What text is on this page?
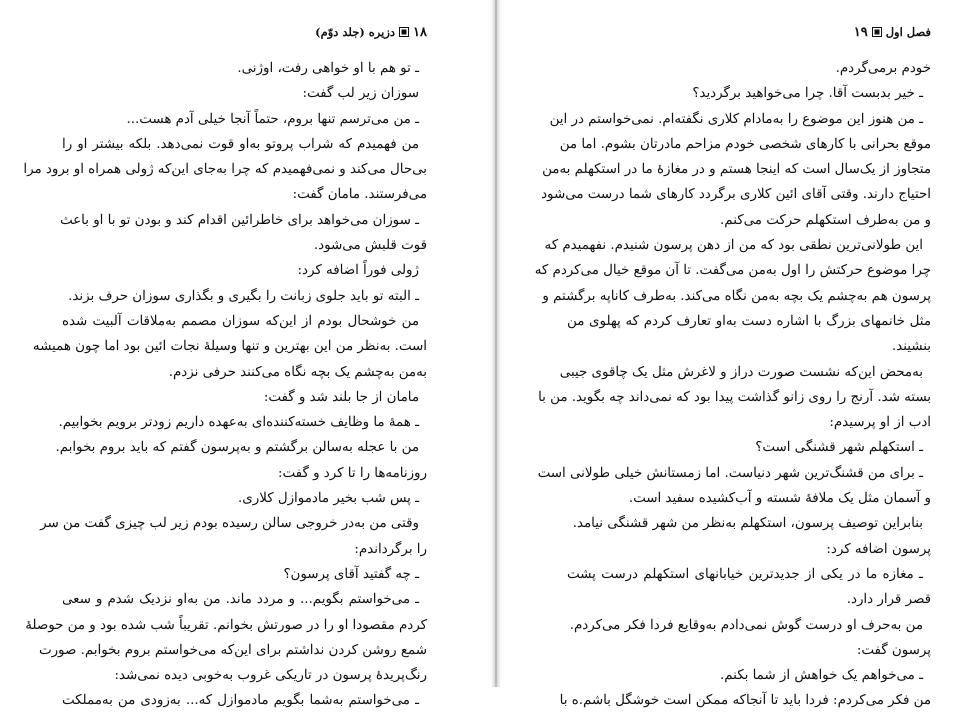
۱۸
دزیره (جلد دوّم)
ـ تو هم با او خواهی رفت، اوژنی.
سوزان زیر لب گفت:
ـ من می‌ترسم تنها بروم، حتماً آنجا خیلی آدم هست...
من فهمیدم که شراب پروتو به‌او قوت نمی‌دهد. بلکه بیشتر او را
بی‌حال می‌کند و نمی‌فهمیدم که چرا به‌جای این‌که ژولی همراه او برود مرا
می‌فرستند. مامان گفت:
ـ سوزان می‌خواهد برای خاطرائین اقدام کند و بودن تو با او باعث
قوت قلبش می‌شود.
ژولی فوراً اضافه کرد:
ـ البته تو باید جلوی زبانت را بگیری و بگذاری سوزان حرف بزند.
من خوشحال بودم از این‌که سوزان مصمم به‌ملاقات آلبیت شده
است. به‌نظر من این بهترین و تنها وسیلهٔ نجات ائین بود اما چون همیشه
به‌من به‌چشم یک بچه نگاه می‌کنند حرفی نزدم.
مامان از جا بلند شد و گفت:
ـ همهٔ ما وظایف خسته‌کننده‌ای به‌عهده داریم زودتر برویم بخوابیم.
من با عجله به‌سالن برگشتم و به‌پرسون گفتم که باید بروم بخوابم.
روزنامه‌ها را تا کرد و گفت:
ـ پس شب بخیر مادموازل کلاری.
وقتی من به‌در خروجی سالن رسیده بودم زیر لب چیزی گفت من سر
را برگرداندم:
ـ چه گفتید آقای پرسون؟
ـ می‌خواستم بگویم... و مردد ماند. من به‌او نزدیک شدم و سعی
کردم مقصودا او را در صورتش بخوانم. تقریباً شب شده بود و من حوصلهٔ
شمع روشن کردن نداشتم برای این‌که می‌خواستم بروم بخوابم. صورت
رنگ‌پریدهٔ پرسون در تاریکی غروب به‌خوبی دیده نمی‌شد:
ـ می‌خواستم به‌شما بگویم مادموازل که... به‌زودی من به‌مملکت
فصل اول
۱۹
خودم برمی‌گردم.
ـ خیر بدبست آقا. چرا می‌خواهید برگردید؟
ـ من هنوز این موضوع را به‌مادام کلاری نگفته‌ام. نمی‌خواستم در این
موقع بحرانی با کارهای شخصی خودم مزاحم مادرتان بشوم. اما من
متجاوز از یک‌سال است که اینجا هستم و در مغازهٔ ما در استکهلم به‌من
احتیاج دارند. وقتی آقای ائین کلاری برگردد کارهای شما درست می‌شود
و من به‌طرف استکهلم حرکت می‌کنم.
این طولانی‌ترین نطقی بود که من از دهن پرسون شنیدم. نفهمیدم که
چرا موضوع حرکتش را اول به‌من می‌گفت. تا آن موقع خیال می‌کردم که
پرسون هم به‌چشم یک بچه به‌من نگاه می‌کند. به‌طرف کاناپه برگشتم و
مثل خانمهای بزرگ با اشاره دست به‌او تعارف کردم که پهلوی من
بنشیند.
به‌محض این‌که نشست صورت دراز و لاغرش مثل یک چاقوی جیبی
بسته شد. آرنج را روی زانو گذاشت پیدا بود که نمی‌داند چه بگوید. من با
ادب از او پرسیدم:
ـ استکهلم شهر قشنگی است؟
ـ برای من قشنگ‌ترین شهر دنیاست. اما زمستانش خیلی طولانی است
و آسمان مثل یک ملافهٔ شسته و آب‌کشیده سفید است.
بنابراین توصیف پرسون، استکهلم به‌نظر من شهر قشنگی نیامد.
پرسون اضافه کرد:
ـ مغازه ما در یکی از جدیدترین خیابانهای استکهلم درست پشت
قصر قرار دارد.
من به‌حرف او درست گوش نمی‌دادم به‌وقایع فردا فکر می‌کردم.
پرسون گفت:
ـ می‌خواهم یک خواهش از شما بکنم.
من فکر می‌کردم: فردا باید تا آنجاکه ممکن است خوشگل باشم.ه با
